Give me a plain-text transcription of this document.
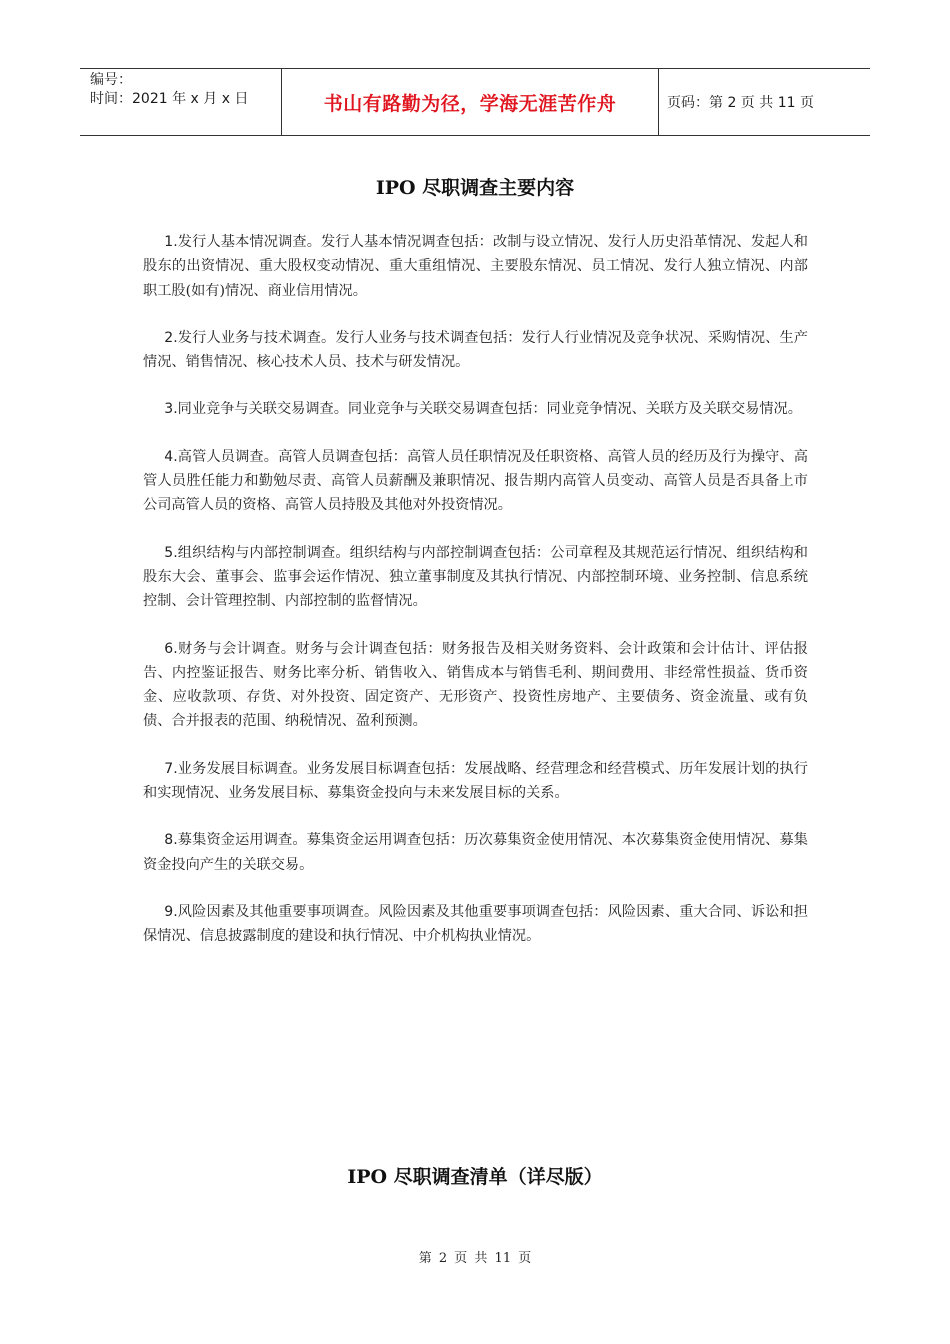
编号：
时间：2021 年 x 月 x 日	书山有路勤为径，学海无涯苦作舟	页码：第 2 页 共 11 页
IPO 尽职调查主要内容

1.发行人基本情况调查。发行人基本情况调查包括：改制与设立情况、发行人历史沿革情况、发起人和股东的出资情况、重大股权变动情况、重大重组情况、主要股东情况、员工情况、发行人独立情况、内部职工股(如有)情况、商业信用情况。

2.发行人业务与技术调查。发行人业务与技术调查包括：发行人行业情况及竞争状况、采购情况、生产情况、销售情况、核心技术人员、技术与研发情况。

3.同业竞争与关联交易调查。同业竞争与关联交易调查包括：同业竞争情况、关联方及关联交易情况。

4.高管人员调查。高管人员调查包括：高管人员任职情况及任职资格、高管人员的经历及行为操守、高管人员胜任能力和勤勉尽责、高管人员薪酬及兼职情况、报告期内高管人员变动、高管人员是否具备上市公司高管人员的资格、高管人员持股及其他对外投资情况。

5.组织结构与内部控制调查。组织结构与内部控制调查包括：公司章程及其规范运行情况、组织结构和股东大会、董事会、监事会运作情况、独立董事制度及其执行情况、内部控制环境、业务控制、信息系统控制、会计管理控制、内部控制的监督情况。

6.财务与会计调查。财务与会计调查包括：财务报告及相关财务资料、会计政策和会计估计、评估报告、内控鉴证报告、财务比率分析、销售收入、销售成本与销售毛利、期间费用、非经常性损益、货币资金、应收款项、存货、对外投资、固定资产、无形资产、投资性房地产、主要债务、资金流量、或有负债、合并报表的范围、纳税情况、盈利预测。

7.业务发展目标调查。业务发展目标调查包括：发展战略、经营理念和经营模式、历年发展计划的执行和实现情况、业务发展目标、募集资金投向与未来发展目标的关系。

8.募集资金运用调查。募集资金运用调查包括：历次募集资金使用情况、本次募集资金使用情况、募集资金投向产生的关联交易。

9.风险因素及其他重要事项调查。风险因素及其他重要事项调查包括：风险因素、重大合同、诉讼和担保情况、信息披露制度的建设和执行情况、中介机构执业情况。

IPO 尽职调查清单（详尽版）
第 2 页 共 11 页
